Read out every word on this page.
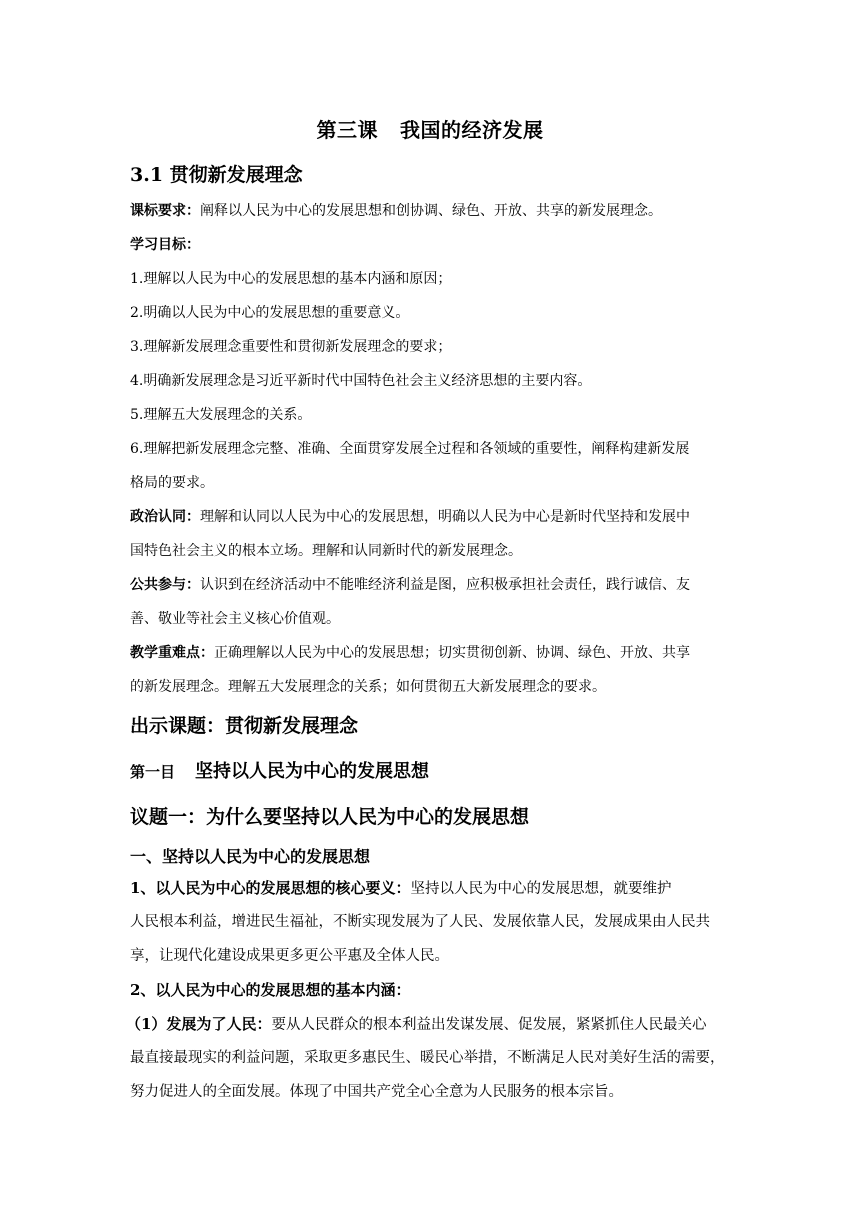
第三课 我国的经济发展
3.1 贯彻新发展理念
课标要求：阐释以人民为中心的发展思想和创协调、绿色、开放、共享的新发展理念。
学习目标：
1.理解以人民为中心的发展思想的基本内涵和原因；
2.明确以人民为中心的发展思想的重要意义。
3.理解新发展理念重要性和贯彻新发展理念的要求；
4.明确新发展理念是习近平新时代中国特色社会主义经济思想的主要内容。
5.理解五大发展理念的关系。
6.理解把新发展理念完整、准确、全面贯穿发展全过程和各领域的重要性，阐释构建新发展
格局的要求。
政治认同：理解和认同以人民为中心的发展思想，明确以人民为中心是新时代坚持和发展中
国特色社会主义的根本立场。理解和认同新时代的新发展理念。
公共参与：认识到在经济活动中不能唯经济利益是图，应积极承担社会责任，践行诚信、友
善、敬业等社会主义核心价值观。
教学重难点：正确理解以人民为中心的发展思想；切实贯彻创新、协调、绿色、开放、共享
的新发展理念。理解五大发展理念的关系；如何贯彻五大新发展理念的要求。
出示课题：贯彻新发展理念
第一目 坚持以人民为中心的发展思想
议题一：为什么要坚持以人民为中心的发展思想
一、坚持以人民为中心的发展思想
1、以人民为中心的发展思想的核心要义：坚持以人民为中心的发展思想，就要维护
人民根本利益，增进民生福祉，不断实现发展为了人民、发展依靠人民，发展成果由人民共
享，让现代化建设成果更多更公平惠及全体人民。
2、以人民为中心的发展思想的基本内涵：
（1）发展为了人民：要从人民群众的根本利益出发谋发展、促发展，紧紧抓住人民最关心
最直接最现实的利益问题，采取更多惠民生、暖民心举措，不断满足人民对美好生活的需要，
努力促进人的全面发展。体现了中国共产党全心全意为人民服务的根本宗旨。
